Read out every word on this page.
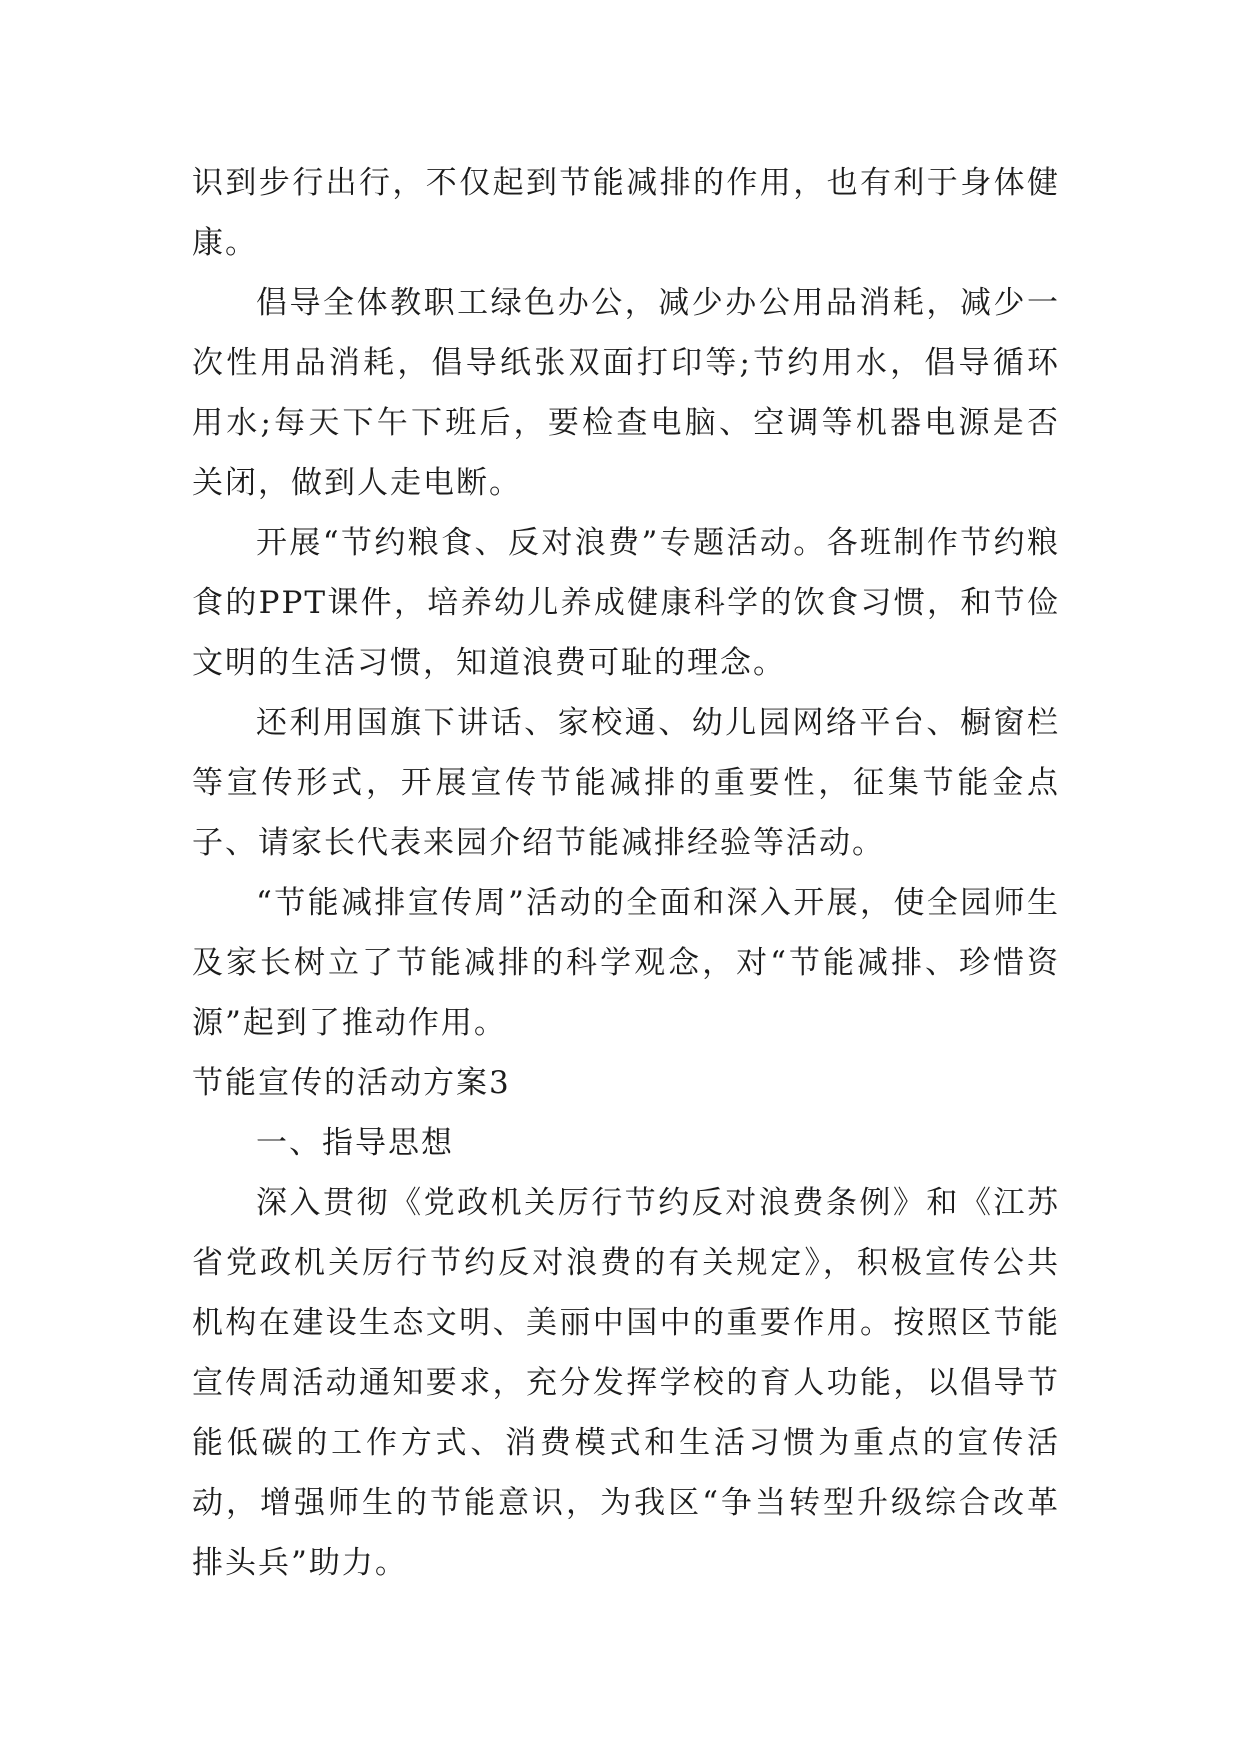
识到步行出行，不仅起到节能减排的作用，也有利于身体健康。

倡导全体教职工绿色办公，减少办公用品消耗，减少一次性用品消耗，倡导纸张双面打印等;节约用水，倡导循环用水;每天下午下班后，要检查电脑、空调等机器电源是否关闭，做到人走电断。

开展“节约粮食、反对浪费”专题活动。各班制作节约粮食的PPT课件，培养幼儿养成健康科学的饮食习惯，和节俭文明的生活习惯，知道浪费可耻的理念。

还利用国旗下讲话、家校通、幼儿园网络平台、橱窗栏等宣传形式，开展宣传节能减排的重要性，征集节能金点子、请家长代表来园介绍节能减排经验等活动。

“节能减排宣传周”活动的全面和深入开展，使全园师生及家长树立了节能减排的科学观念，对“节能减排、珍惜资源”起到了推动作用。

节能宣传的活动方案3

一、指导思想

深入贯彻《党政机关厉行节约反对浪费条例》和《江苏省党政机关厉行节约反对浪费的有关规定》，积极宣传公共机构在建设生态文明、美丽中国中的重要作用。按照区节能宣传周活动通知要求，充分发挥学校的育人功能，以倡导节能低碳的工作方式、消费模式和生活习惯为重点的宣传活动，增强师生的节能意识，为我区“争当转型升级综合改革排头兵”助力。
